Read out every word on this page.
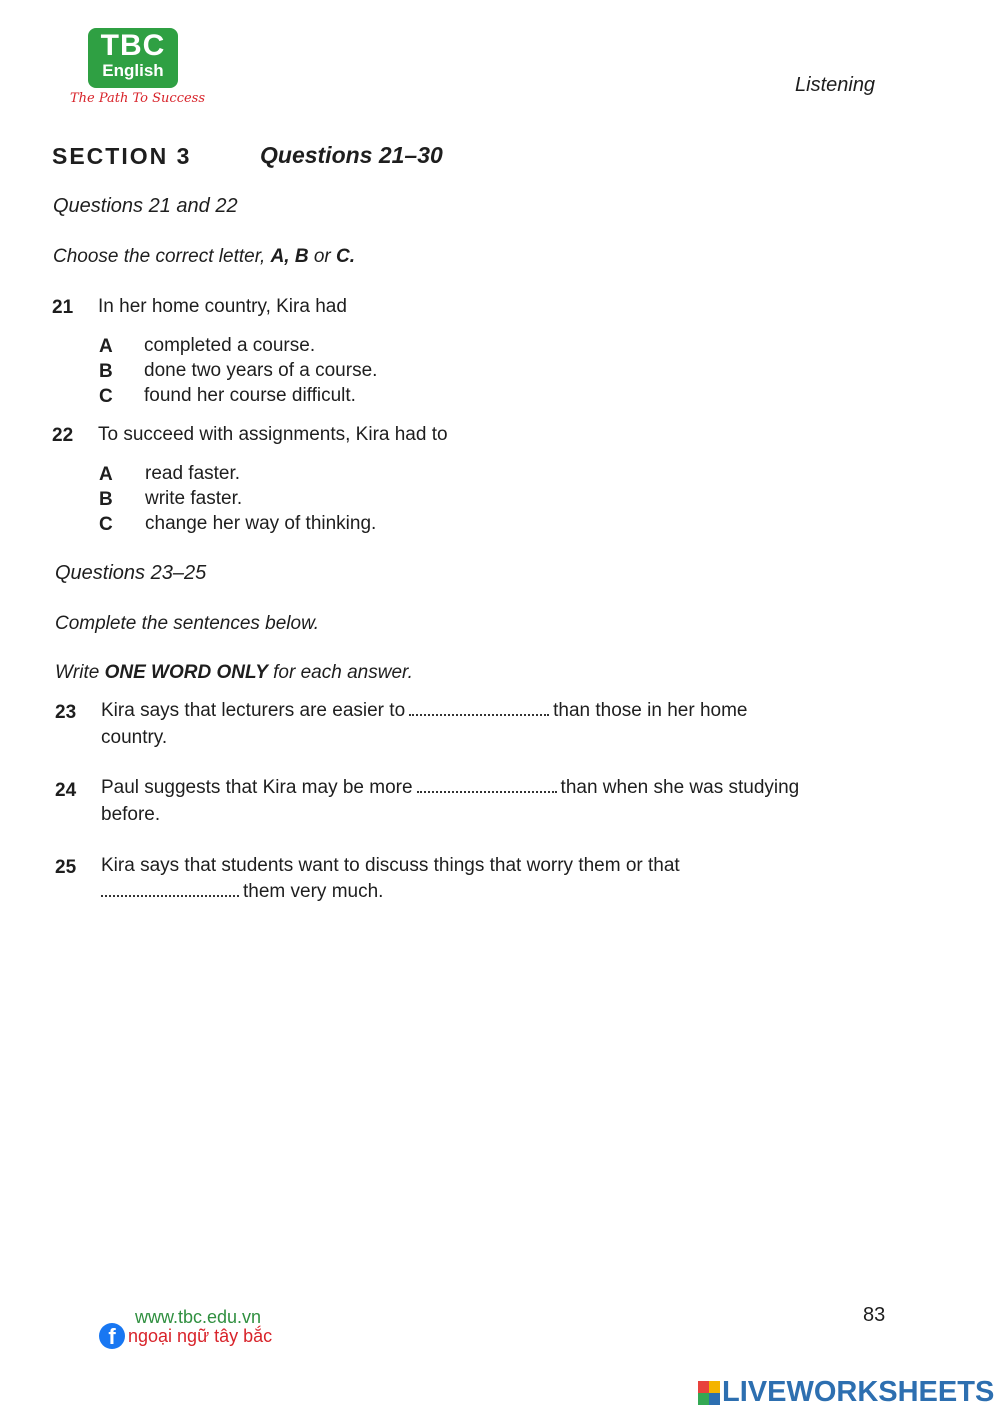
TBC
English
The Path To Success
Listening
SECTION 3	Questions 21–30
Questions 21 and 22
Choose the correct letter, A, B or C.
21 In her home country, Kira had
A completed a course.
B done two years of a course.
C found her course difficult.
22 To succeed with assignments, Kira had to
A read faster.
B write faster.
C change her way of thinking.
Questions 23–25
Complete the sentences below.
Write ONE WORD ONLY for each answer.
23 Kira says that lecturers are easier to	than those in her home
country.
24 Paul suggests that Kira may be more	than when she was studying
before.
25 Kira says that students want to discuss things that worry them or that
them very much.
www.tbc.edu.vn
f ngoại ngữ tây bắc
83
LIVEWORKSHEETS
